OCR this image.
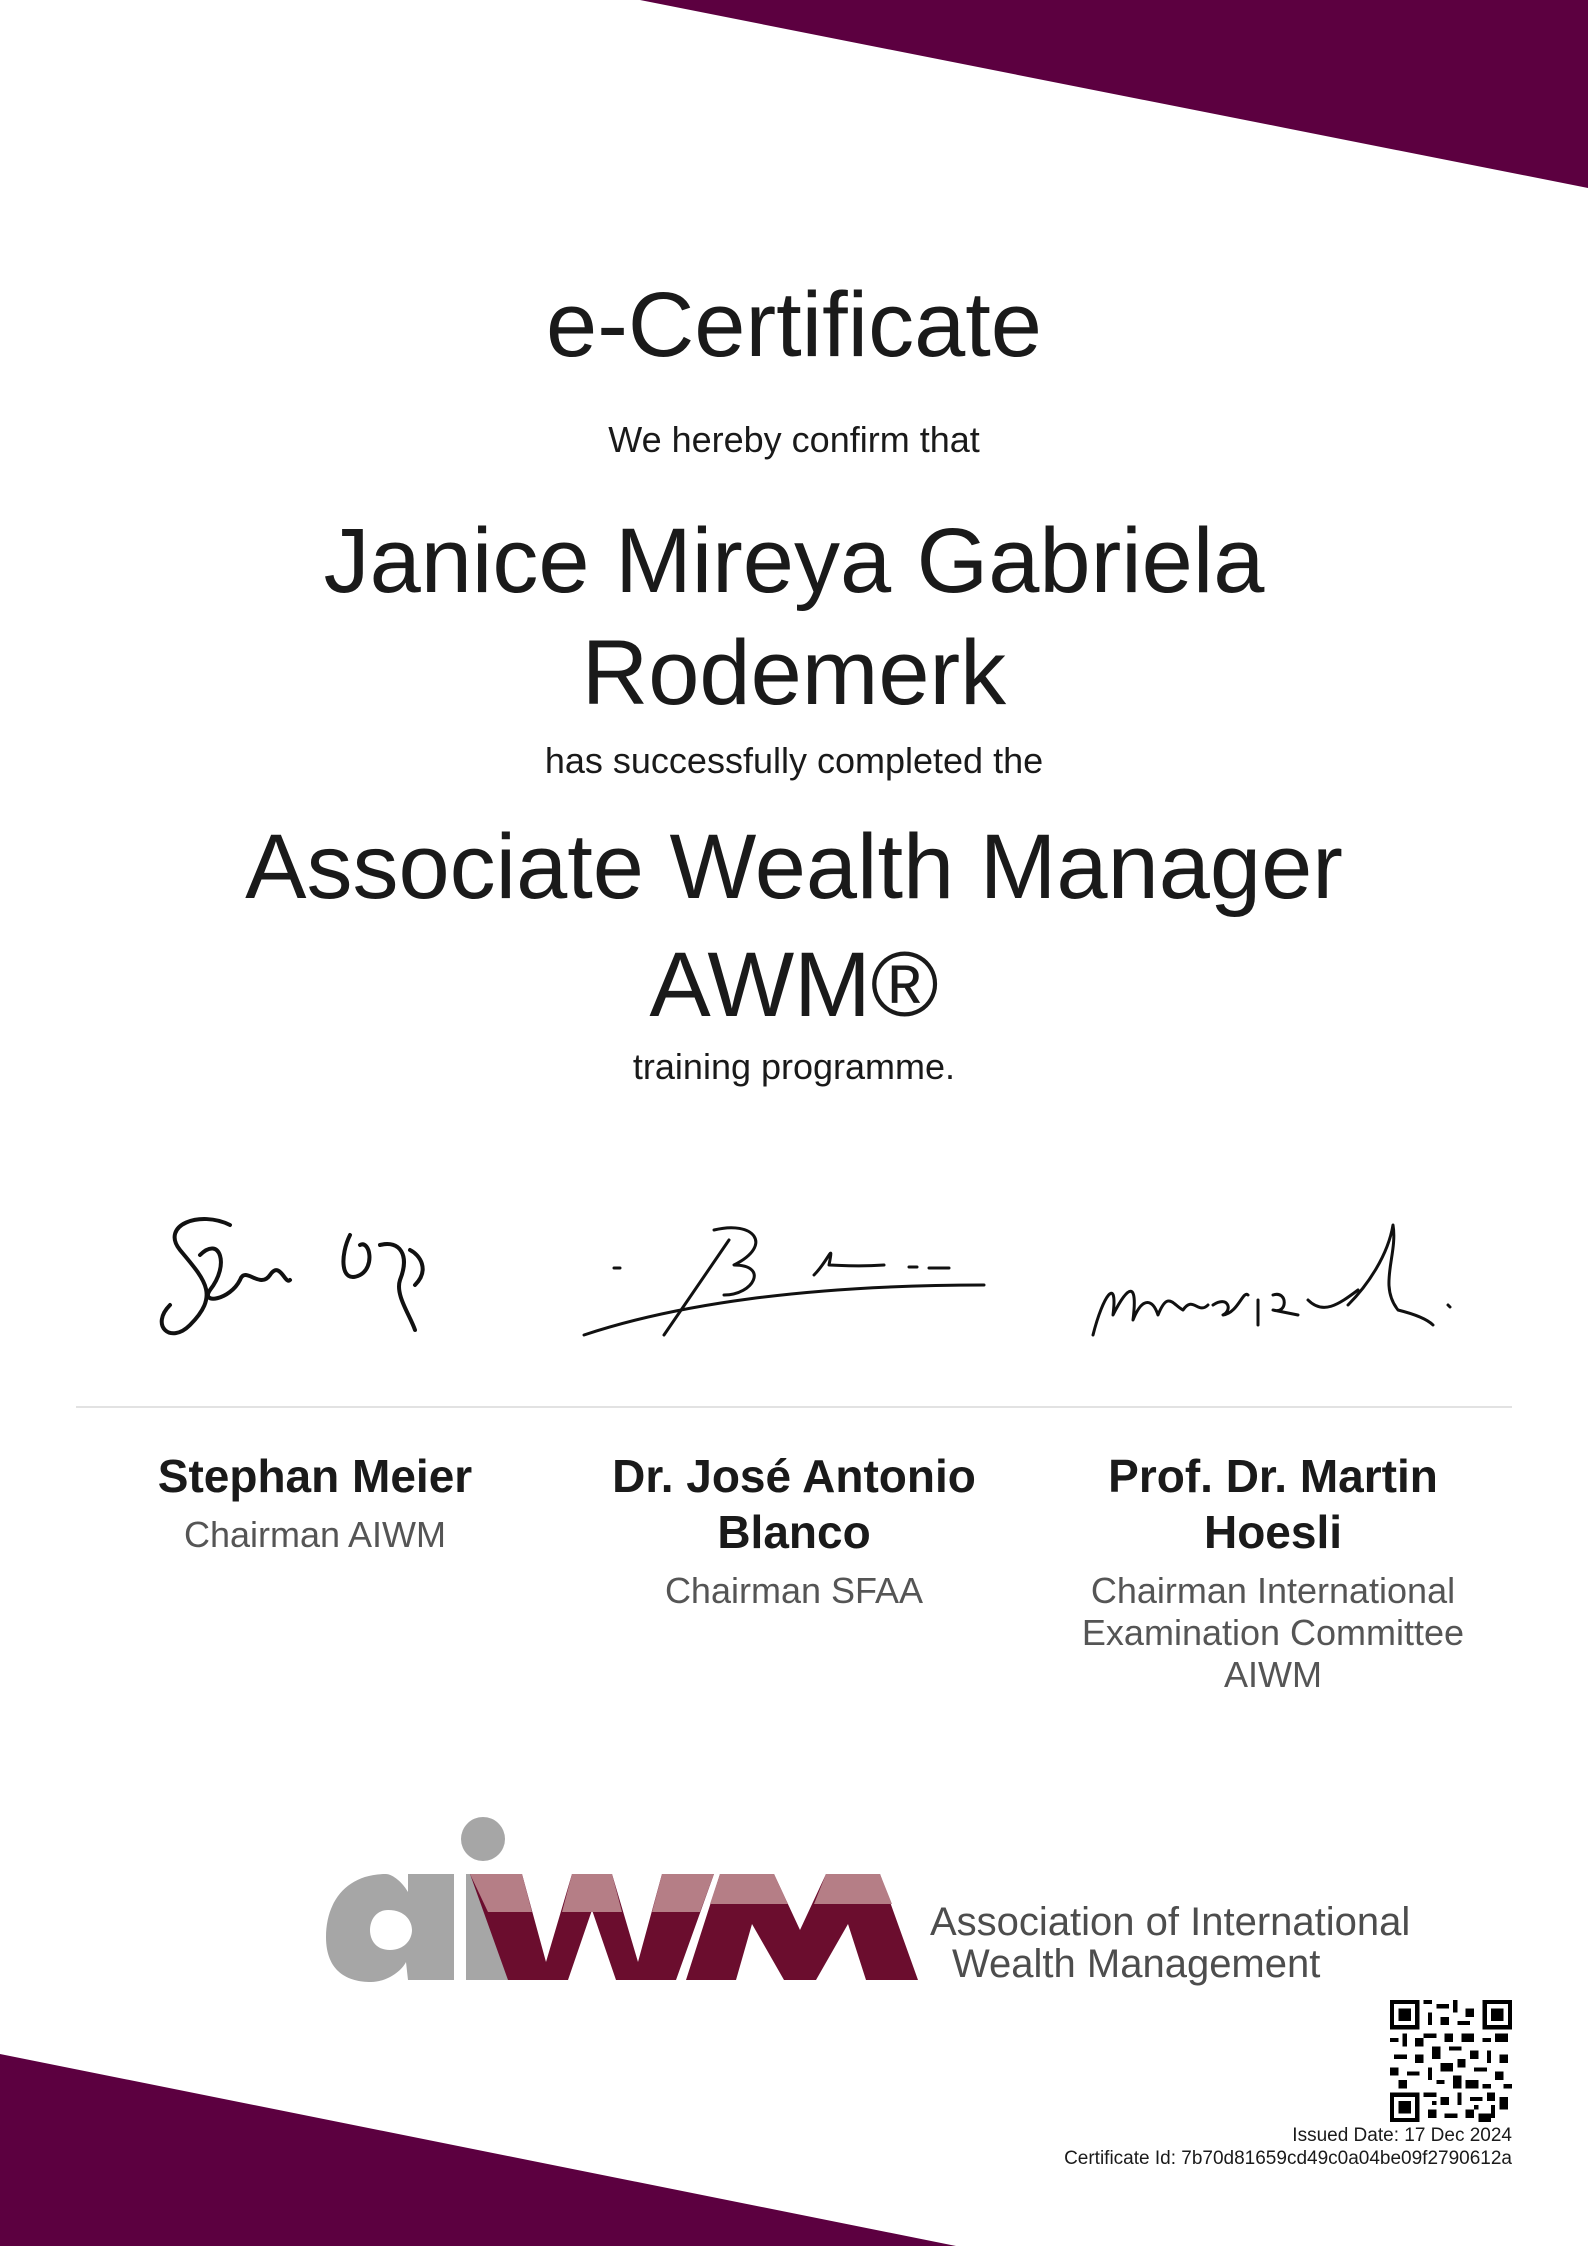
e-Certificate
We hereby confirm that
Janice Mireya Gabriela Rodemerk
has successfully completed the
Associate Wealth Manager AWM®
training programme.
Stephan Meier
Chairman AIWM
Dr. José Antonio Blanco
Chairman SFAA
Prof. Dr. Martin Hoesli
Chairman International Examination Committee AIWM
Association of International
Wealth Management
Issued Date: 17 Dec 2024
Certificate Id: 7b70d81659cd49c0a04be09f2790612a
